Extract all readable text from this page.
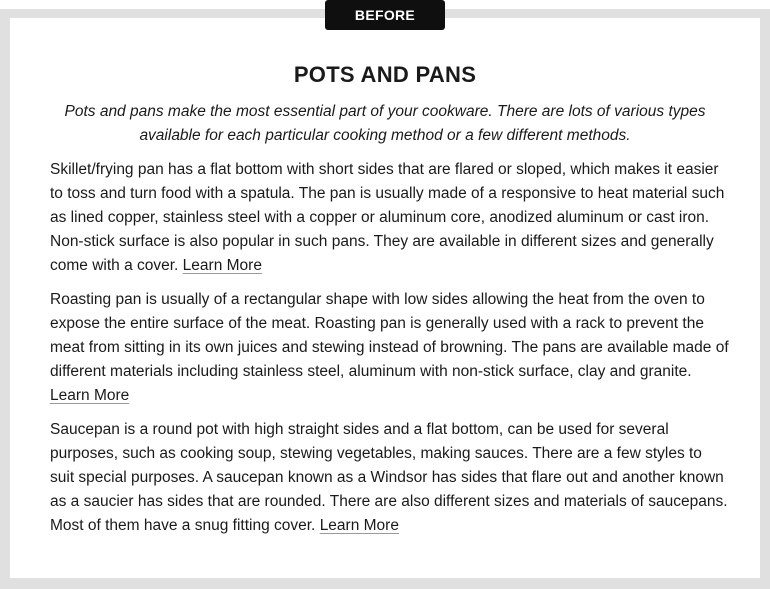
BEFORE
POTS AND PANS

Pots and pans make the most essential part of your cookware. There are lots of various types available for each particular cooking method or a few different methods.

Skillet/frying pan has a flat bottom with short sides that are flared or sloped, which makes it easier to toss and turn food with a spatula. The pan is usually made of a responsive to heat material such as lined copper, stainless steel with a copper or aluminum core, anodized aluminum or cast iron. Non-stick surface is also popular in such pans. They are available in different sizes and generally come with a cover. Learn More

Roasting pan is usually of a rectangular shape with low sides allowing the heat from the oven to expose the entire surface of the meat. Roasting pan is generally used with a rack to prevent the meat from sitting in its own juices and stewing instead of browning. The pans are available made of different materials including stainless steel, aluminum with non-stick surface, clay and granite. Learn More

Saucepan is a round pot with high straight sides and a flat bottom, can be used for several purposes, such as cooking soup, stewing vegetables, making sauces. There are a few styles to suit special purposes. A saucepan known as a Windsor has sides that flare out and another known as a saucier has sides that are rounded. There are also different sizes and materials of saucepans. Most of them have a snug fitting cover. Learn More
